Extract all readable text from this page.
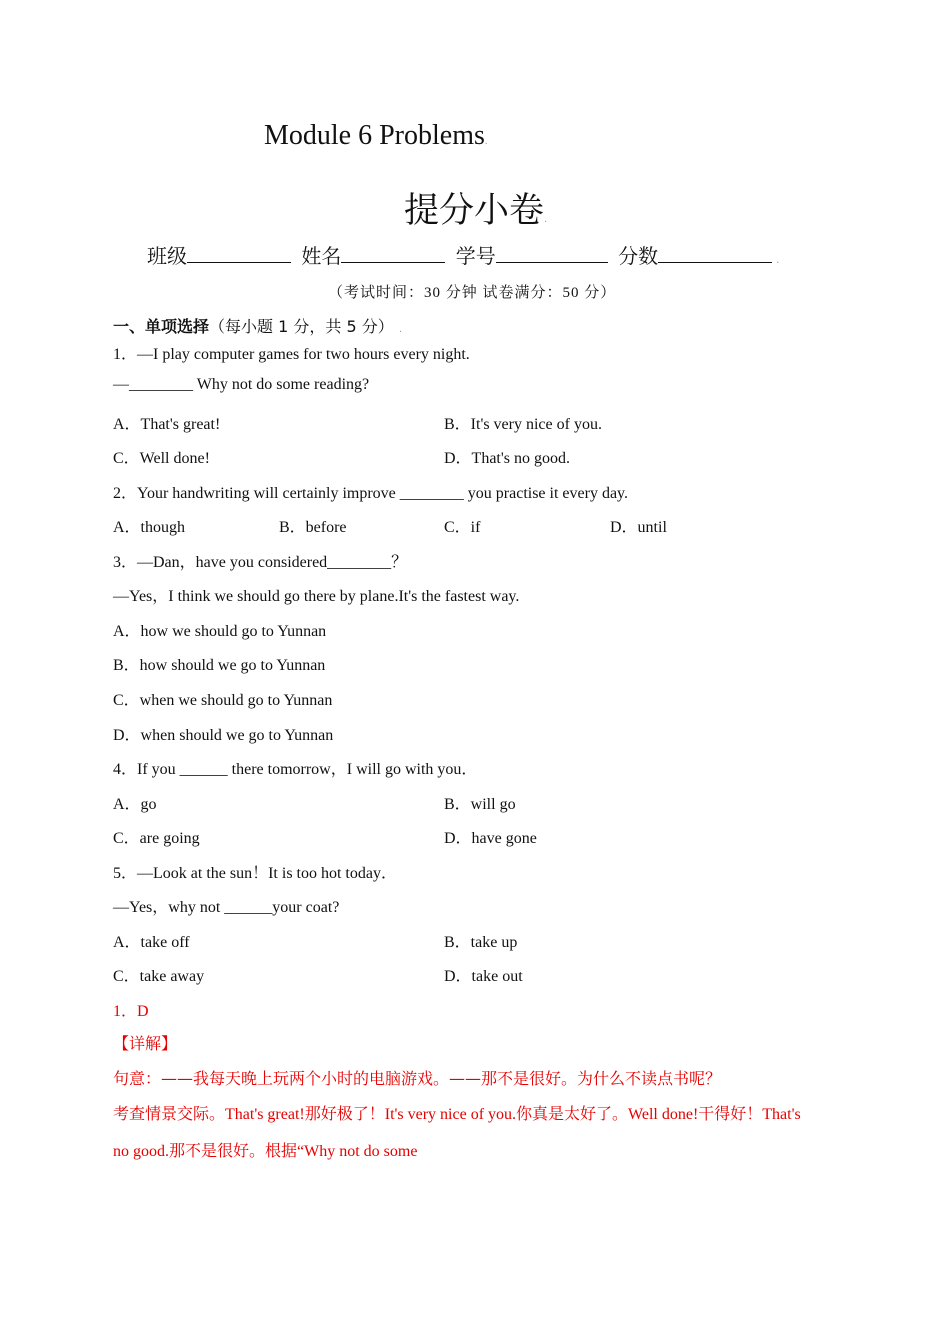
Module 6 Problems.
提分小卷.
班级	姓名	学号	分数	.
（考试时间：30 分钟 试卷满分：50 分）
一、单项选择（每小题 1 分，共 5 分） .
1．—I play computer games for two hours every night.
—________ Why not do some reading?
A．That's great!	B．It's very nice of you.
C．Well done!	D．That's no good.
2．Your handwriting will certainly improve ________ you practise it every day.
A．though	B．before	C．if	D．until
3．—Dan，have you considered________？
—Yes，I think we should go there by plane.It's the fastest way.
A．how we should go to Yunnan
B．how should we go to Yunnan
C．when we should go to Yunnan
D．when should we go to Yunnan
4．If you ______ there tomorrow，I will go with you．
A．go	B．will go
C．are going	D．have gone
5．—Look at the sun！It is too hot today．
—Yes，why not ______your coat?
A．take off	B．take up
C．take away	D．take out
1．D
【详解】
句意：——我每天晚上玩两个小时的电脑游戏。——那不是很好。为什么不读点书呢？
考查情景交际。That's great!那好极了！It's very nice of you.你真是太好了。Well done!干得好！That's
no good.那不是很好。根据“Why not do some
